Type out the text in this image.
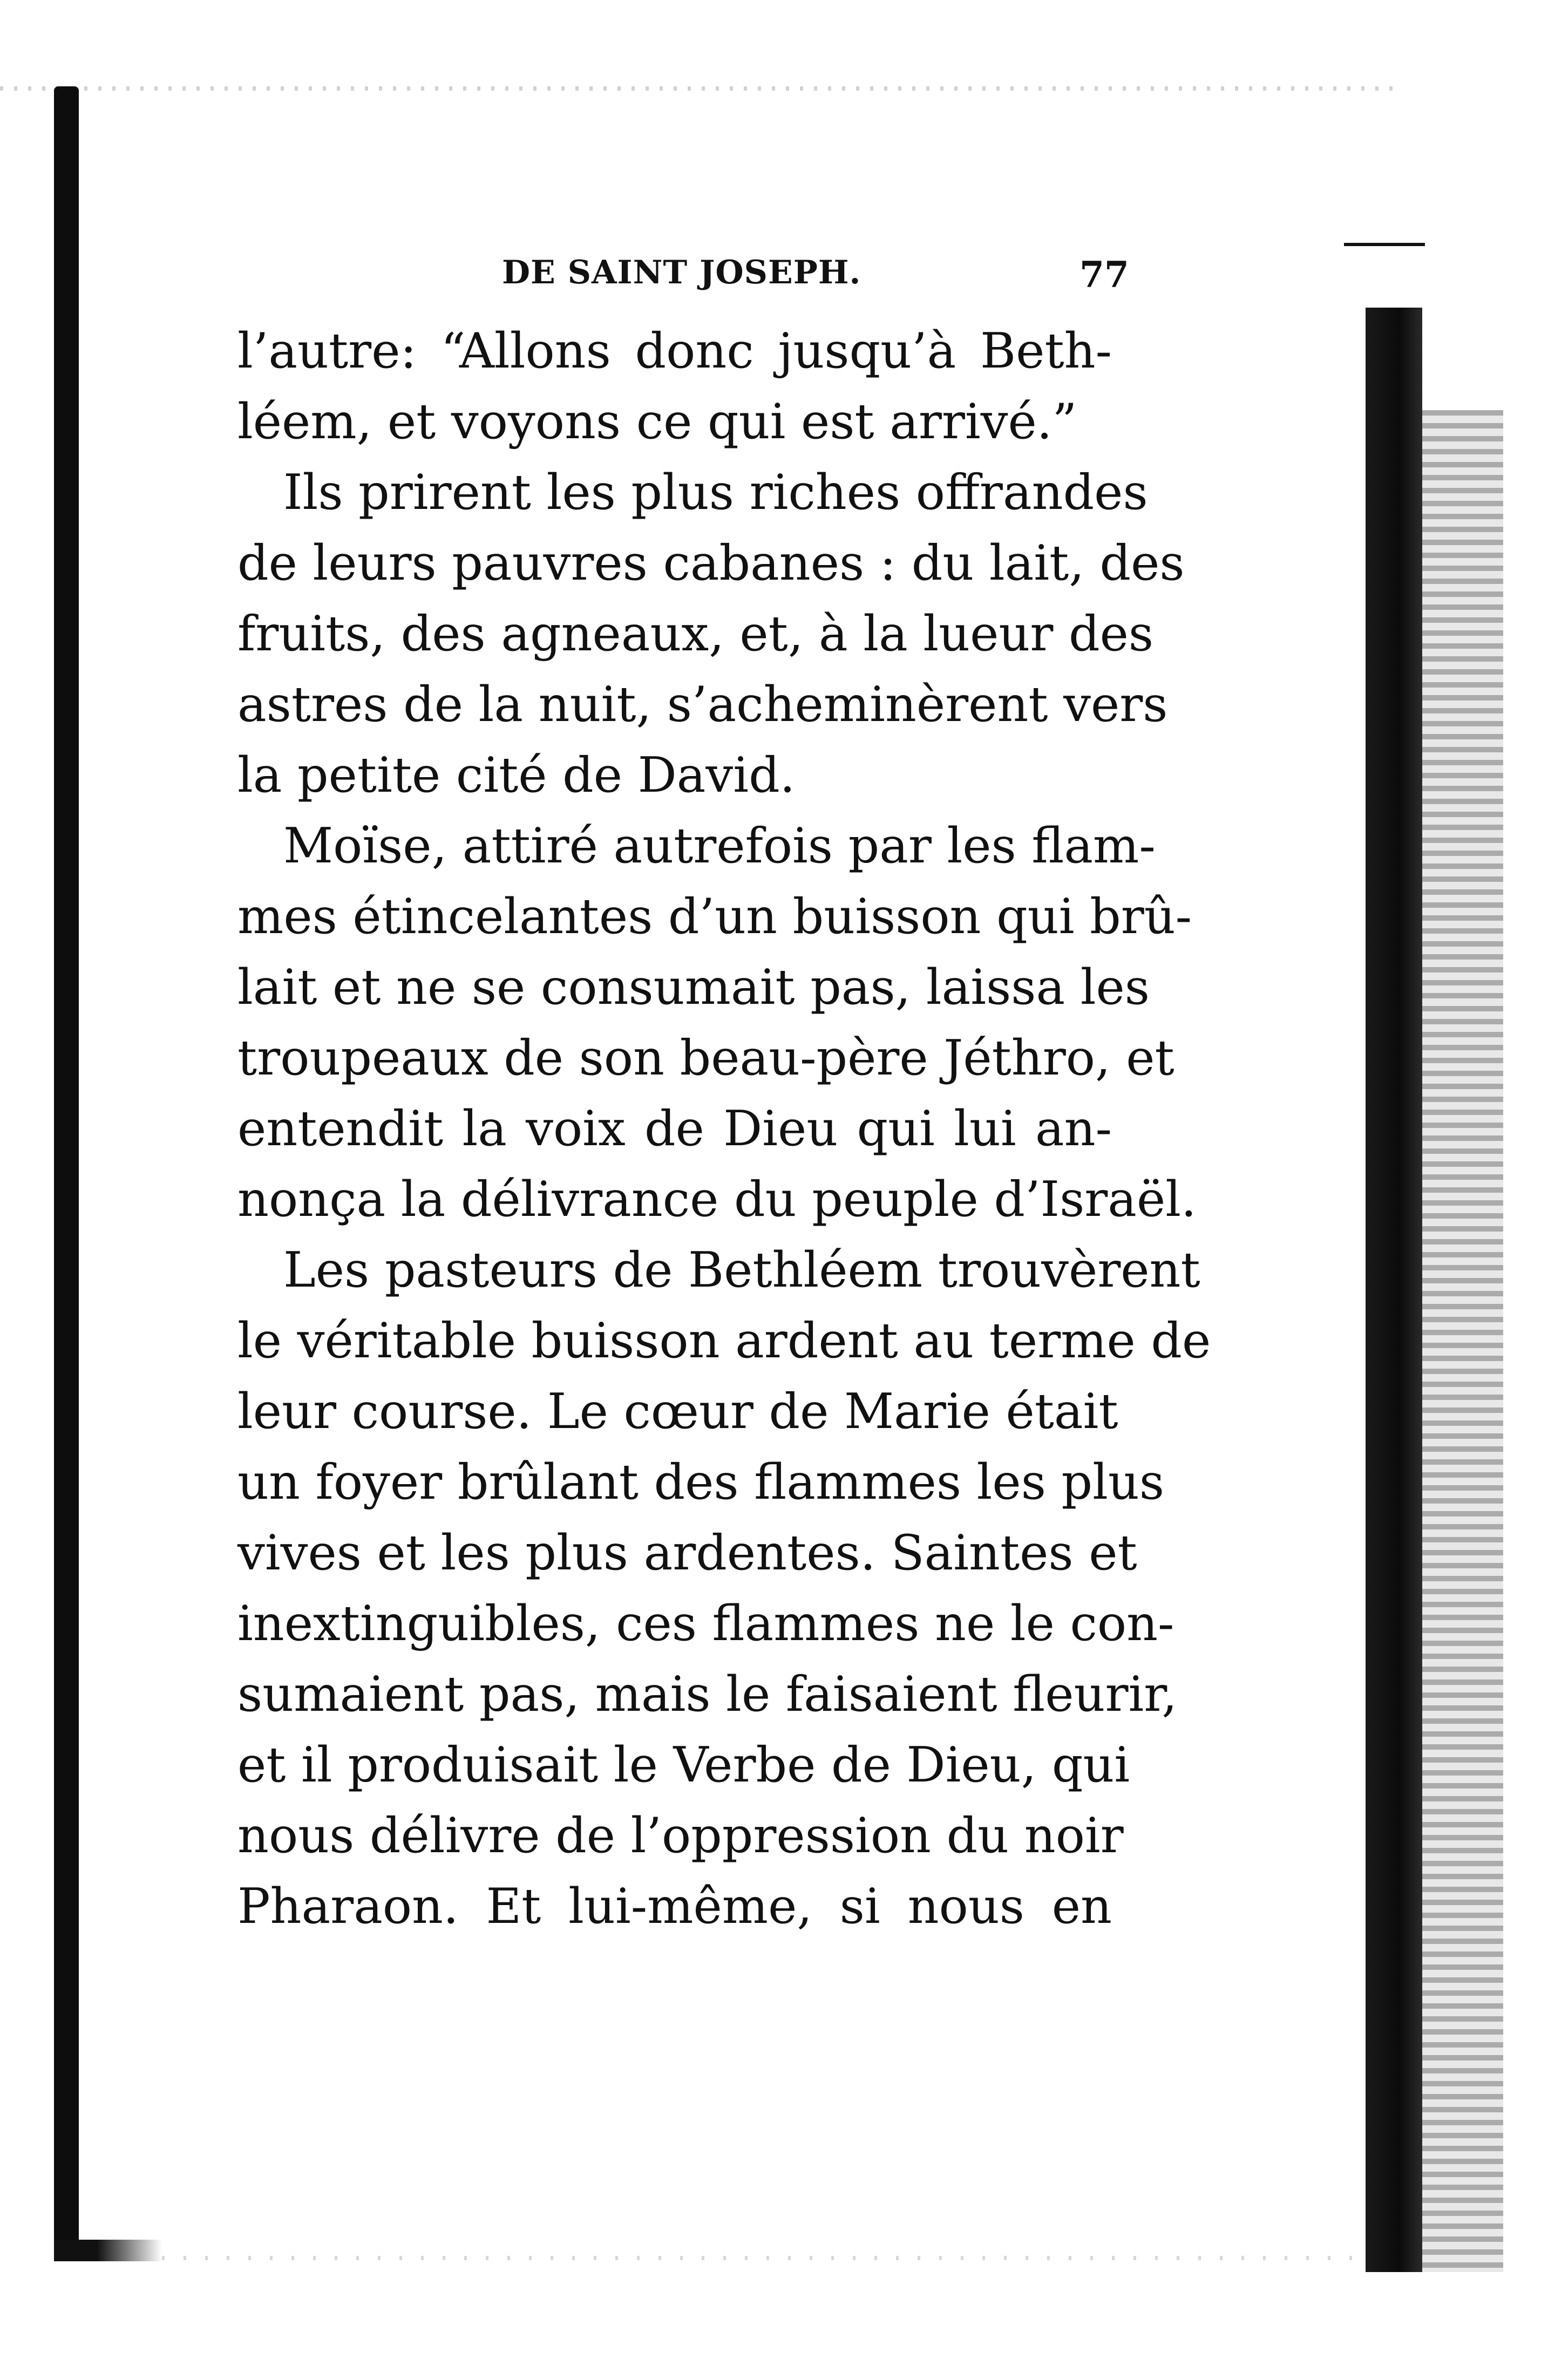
DE SAINT JOSEPH.	77
l’autre: “Allons donc jusqu’à Beth-
léem, et voyons ce qui est arrivé.”
Ils prirent les plus riches offrandes
de leurs pauvres cabanes : du lait, des
fruits, des agneaux, et, à la lueur des
astres de la nuit, s’acheminèrent vers
la petite cité de David.
Moïse, attiré autrefois par les flam-
mes étincelantes d’un buisson qui brû-
lait et ne se consumait pas, laissa les
troupeaux de son beau-père Jéthro, et
entendit la voix de Dieu qui lui an-
nonça la délivrance du peuple d’Israël.
Les pasteurs de Bethléem trouvèrent
le véritable buisson ardent au terme de
leur course. Le cœur de Marie était
un foyer brûlant des flammes les plus
vives et les plus ardentes. Saintes et
inextinguibles, ces flammes ne le con-
sumaient pas, mais le faisaient fleurir,
et il produisait le Verbe de Dieu, qui
nous délivre de l’oppression du noir
Pharaon. Et lui-même, si nous en
